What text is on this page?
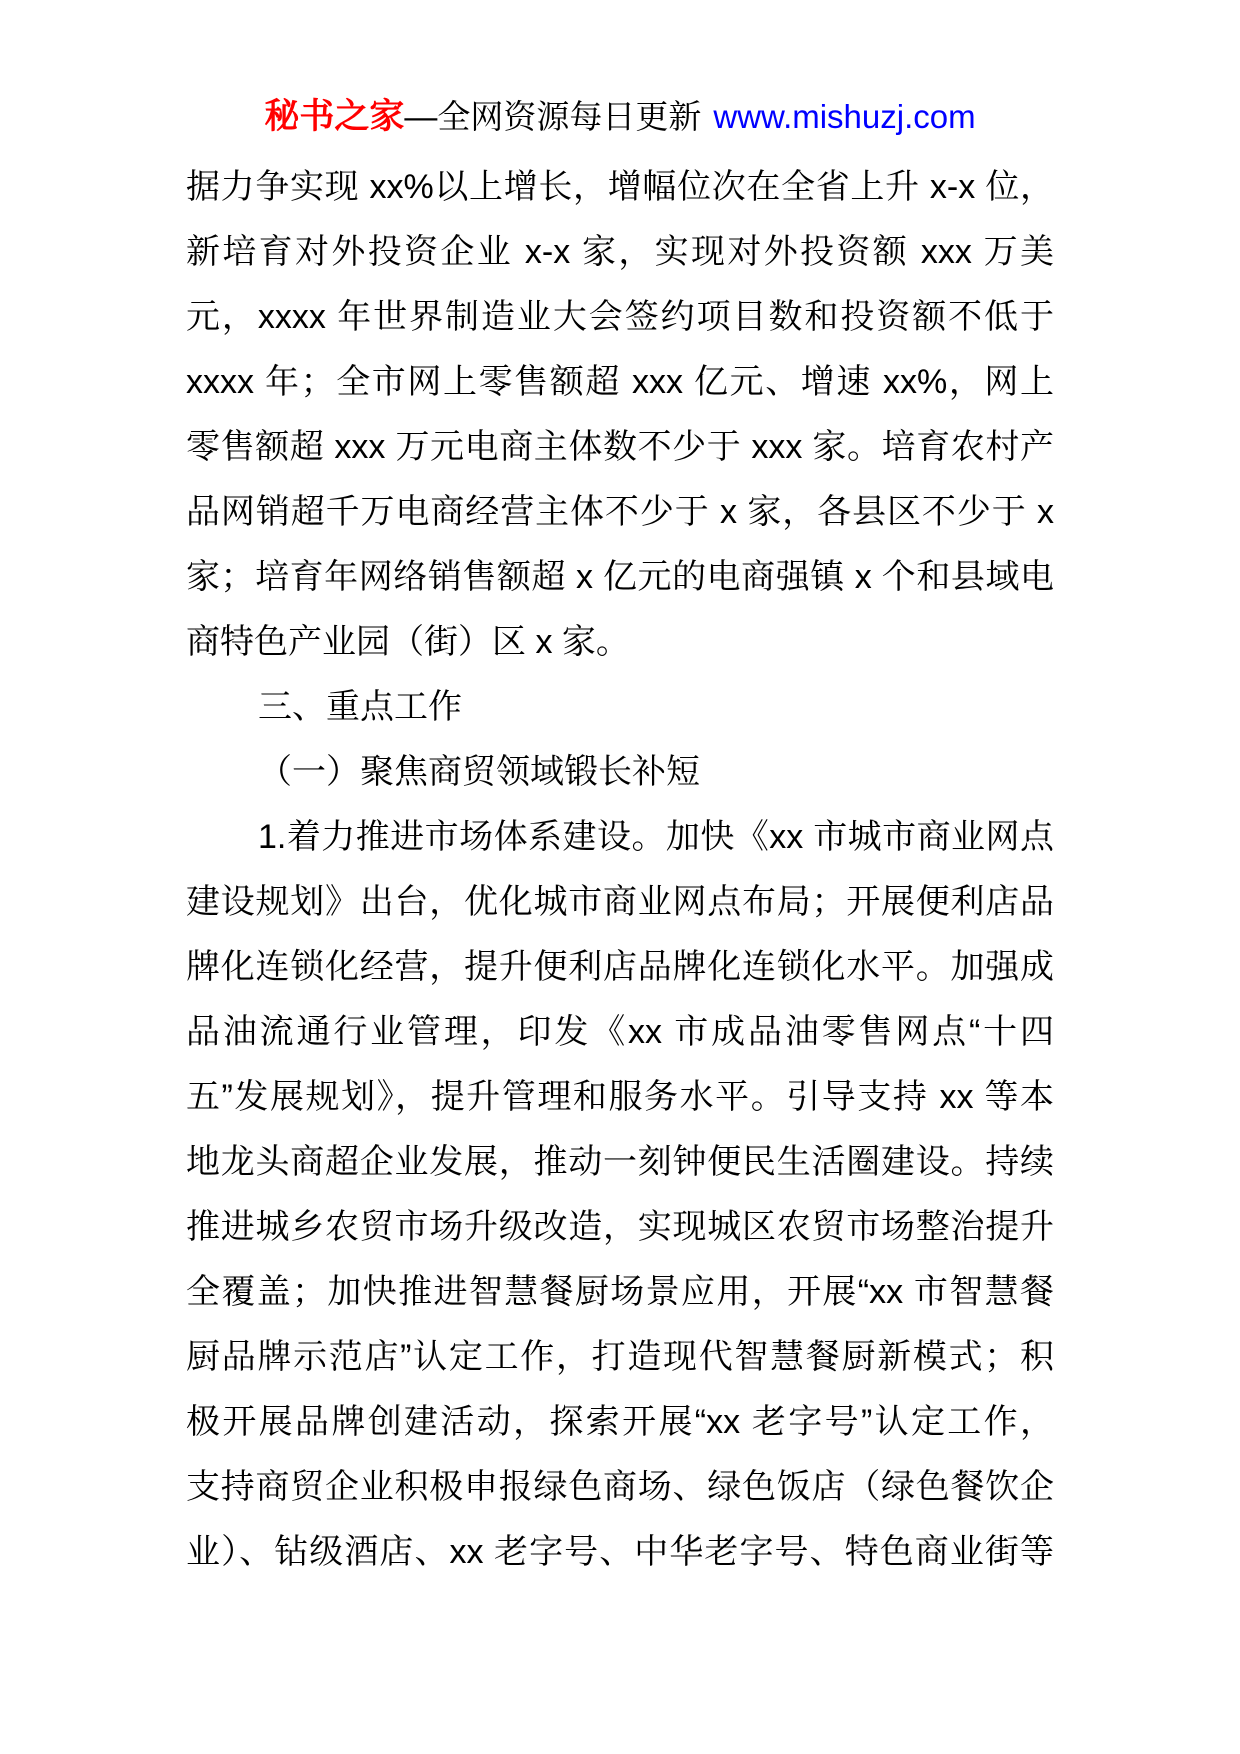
秘书之家—全网资源每日更新 www.mishuzj.com
据力争实现 xx%以上增长，增幅位次在全省上升 x-x 位，
新培育对外投资企业 x-x 家，实现对外投资额 xxx 万美
元，xxxx 年世界制造业大会签约项目数和投资额不低于
xxxx 年；全市网上零售额超 xxx 亿元、增速 xx%，网上
零售额超 xxx 万元电商主体数不少于 xxx 家。培育农村产
品网销超千万电商经营主体不少于 x 家，各县区不少于 x
家；培育年网络销售额超 x 亿元的电商强镇 x 个和县域电
商特色产业园（街）区 x 家。
三、重点工作
（一）聚焦商贸领域锻长补短
1.着力推进市场体系建设。加快《xx 市城市商业网点
建设规划》出台，优化城市商业网点布局；开展便利店品
牌化连锁化经营，提升便利店品牌化连锁化水平。加强成
品油流通行业管理，印发《xx 市成品油零售网点“十四
五”发展规划》，提升管理和服务水平。引导支持 xx 等本
地龙头商超企业发展，推动一刻钟便民生活圈建设。持续
推进城乡农贸市场升级改造，实现城区农贸市场整治提升
全覆盖；加快推进智慧餐厨场景应用，开展“xx 市智慧餐
厨品牌示范店”认定工作，打造现代智慧餐厨新模式；积
极开展品牌创建活动，探索开展“xx 老字号”认定工作，
支持商贸企业积极申报绿色商场、绿色饭店（绿色餐饮企
业）、钻级酒店、xx 老字号、中华老字号、特色商业街等
